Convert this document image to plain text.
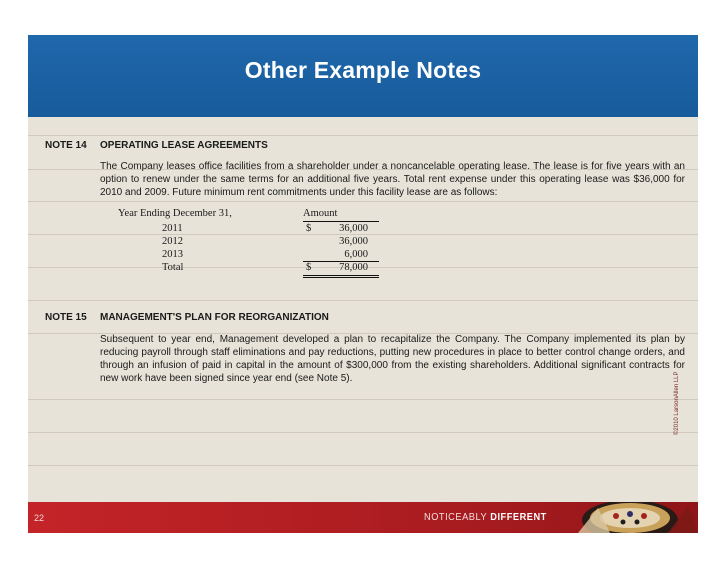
Other Example Notes
NOTE 14 OPERATING LEASE AGREEMENTS
The Company leases office facilities from a shareholder under a noncancelable operating lease. The lease is for five years with an option to renew under the same terms for an additional five years. Total rent expense under this operating lease was $36,000 for 2010 and 2009. Future minimum rent commitments under this facility lease are as follows:
Year Ending December 31,	Amount
2011	$	36,000
2012	36,000
2013	6,000
Total	$	78,000
NOTE 15 MANAGEMENT'S PLAN FOR REORGANIZATION
Subsequent to year end, Management developed a plan to recapitalize the Company. The Company implemented its plan by reducing payroll through staff eliminations and pay reductions, putting new procedures in place to better control change orders, and through an infusion of paid in capital in the amount of $300,000 from the existing shareholders. Additional significant contracts for new work have been signed since year end (see Note 5).	©2010 LarsonAllen LLP
22	NOTICEABLY DIFFERENT
